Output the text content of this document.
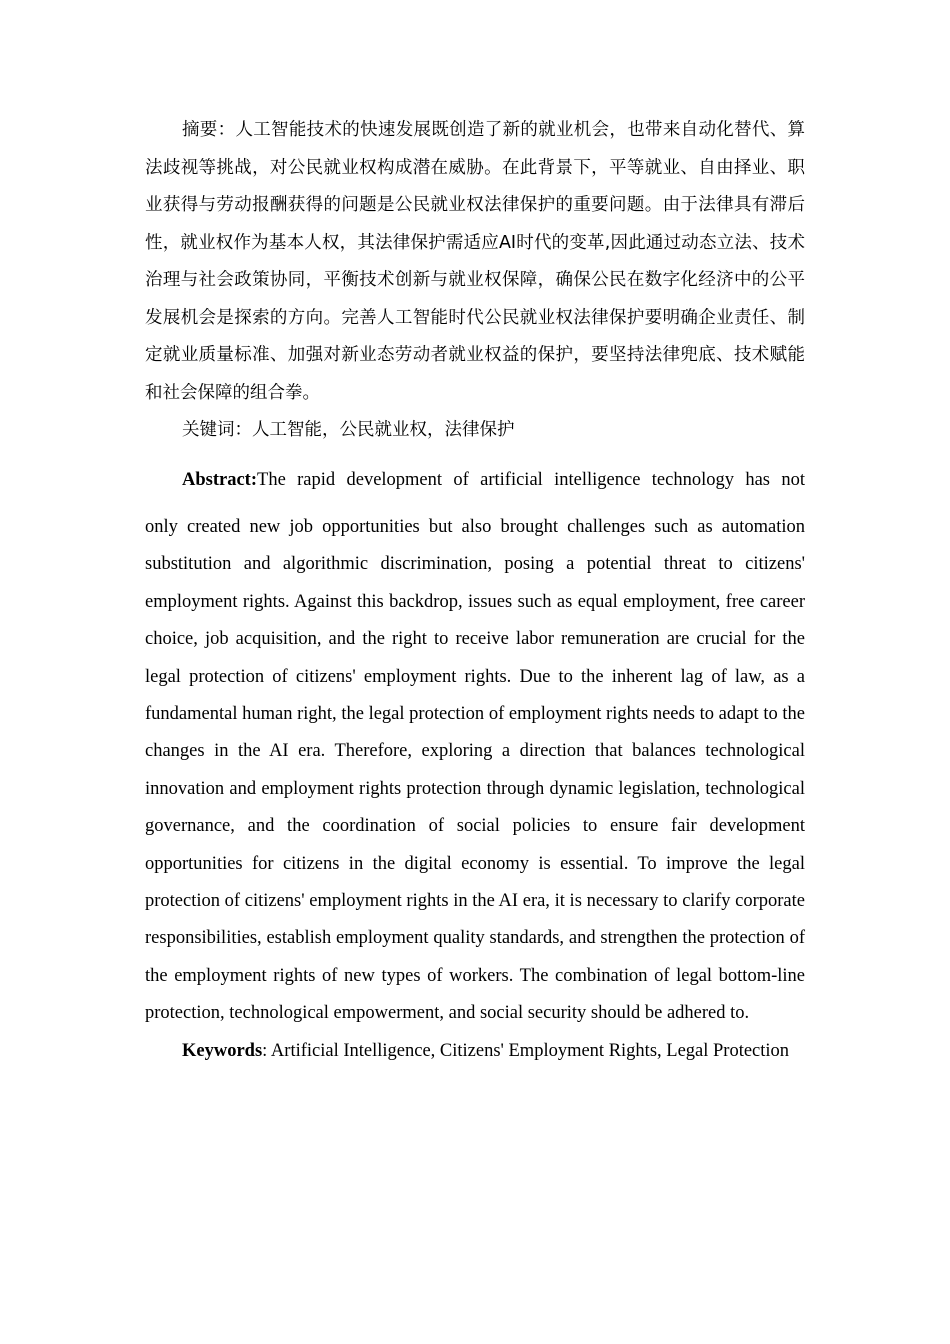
摘要：人工智能技术的快速发展既创造了新的就业机会，也带来自动化替代、算法歧视等挑战，对公民就业权构成潜在威胁。在此背景下，平等就业、自由择业、职业获得与劳动报酬获得的问题是公民就业权法律保护的重要问题。由于法律具有滞后性，就业权作为基本人权，其法律保护需适应AI时代的变革,因此通过动态立法、技术治理与社会政策协同，平衡技术创新与就业权保障，确保公民在数字化经济中的公平发展机会是探索的方向。完善人工智能时代公民就业权法律保护要明确企业责任、制定就业质量标准、加强对新业态劳动者就业权益的保护，要坚持法律兜底、技术赋能和社会保障的组合拳。

关键词：人工智能，公民就业权，法律保护

Abstract:The rapid development of artificial intelligence technology has not
only created new job opportunities but also brought challenges such as automation substitution and algorithmic discrimination, posing a potential threat to citizens' employment rights. Against this backdrop, issues such as equal employment, free career choice, job acquisition, and the right to receive labor remuneration are crucial for the legal protection of citizens' employment rights. Due to the inherent lag of law, as a fundamental human right, the legal protection of employment rights needs to adapt to the changes in the AI era. Therefore, exploring a direction that balances technological innovation and employment rights protection through dynamic legislation, technological governance, and the coordination of social policies to ensure fair development opportunities for citizens in the digital economy is essential. To improve the legal protection of citizens' employment rights in the AI era, it is necessary to clarify corporate responsibilities, establish employment quality standards, and strengthen the protection of the employment rights of new types of workers. The combination of legal bottom-line protection, technological empowerment, and social security should be adhered to.

Keywords: Artificial Intelligence, Citizens' Employment Rights, Legal Protection
